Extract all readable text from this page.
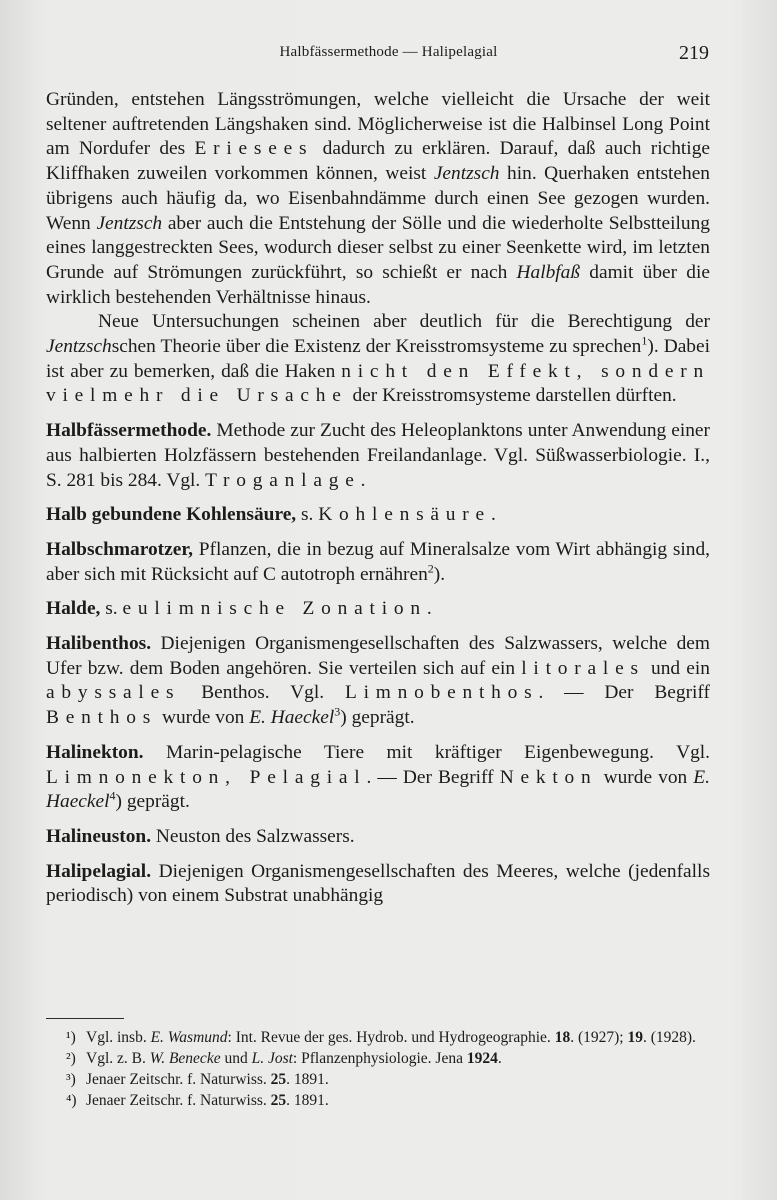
Halbfässermethode — Halipelagial	219

Gründen, entstehen Längsströmungen, welche vielleicht die Ursache der weit seltener auftretenden Längshaken sind. Möglicherweise ist die Halbinsel Long Point am Nordufer des Eriesees dadurch zu erklären. Darauf, daß auch richtige Kliffhaken zuweilen vorkommen können, weist Jentzsch hin. Querhaken entstehen übrigens auch häufig da, wo Eisenbahndämme durch einen See gezogen wurden. Wenn Jentzsch aber auch die Entstehung der Sölle und die wiederholte Selbstteilung eines langgestreckten Sees, wodurch dieser selbst zu einer Seenkette wird, im letzten Grunde auf Strömungen zurückführt, so schießt er nach Halbfaß damit über die wirklich bestehenden Verhältnisse hinaus.

Neue Untersuchungen scheinen aber deutlich für die Berechtigung der Jentzschschen Theorie über die Existenz der Kreisstromsysteme zu sprechen$^1$). Dabei ist aber zu bemerken, daß die Haken nicht den Effekt, sondern vielmehr die Ursache der Kreisstromsysteme darstellen dürften.

Halbfässermethode. Methode zur Zucht des Heleoplanktons unter Anwendung einer aus halbierten Holzfässern bestehenden Freilandanlage. Vgl. Süßwasserbiologie. I., S. 281 bis 284. Vgl. Troganlage.

Halb gebundene Kohlensäure, s. Kohlensäure.

Halbschmarotzer, Pflanzen, die in bezug auf Mineralsalze vom Wirt abhängig sind, aber sich mit Rücksicht auf C autotroph ernähren$^2$).

Halde, s. eulimnische Zonation.

Halibenthos. Diejenigen Organismengesellschaften des Salzwassers, welche dem Ufer bzw. dem Boden angehören. Sie verteilen sich auf ein litorales und ein abyssales Benthos. Vgl. Limnobenthos. — Der Begriff Benthos wurde von E. Haeckel$^3$) geprägt.

Halinekton. Marin-pelagische Tiere mit kräftiger Eigenbewegung. Vgl. Limnonekton, Pelagial. — Der Begriff Nekton wurde von E. Haeckel$^4$) geprägt.

Halineuston. Neuston des Salzwassers.

Halipelagial. Diejenigen Organismengesellschaften des Meeres, welche (jedenfalls periodisch) von einem Substrat unabhängig

¹) Vgl. insb. E. Wasmund: Int. Revue der ges. Hydrob. und Hydrogeographie. 18. (1927); 19. (1928).

²) Vgl. z. B. W. Benecke und L. Jost: Pflanzenphysiologie. Jena 1924.

³) Jenaer Zeitschr. f. Naturwiss. 25. 1891.

⁴) Jenaer Zeitschr. f. Naturwiss. 25. 1891.
